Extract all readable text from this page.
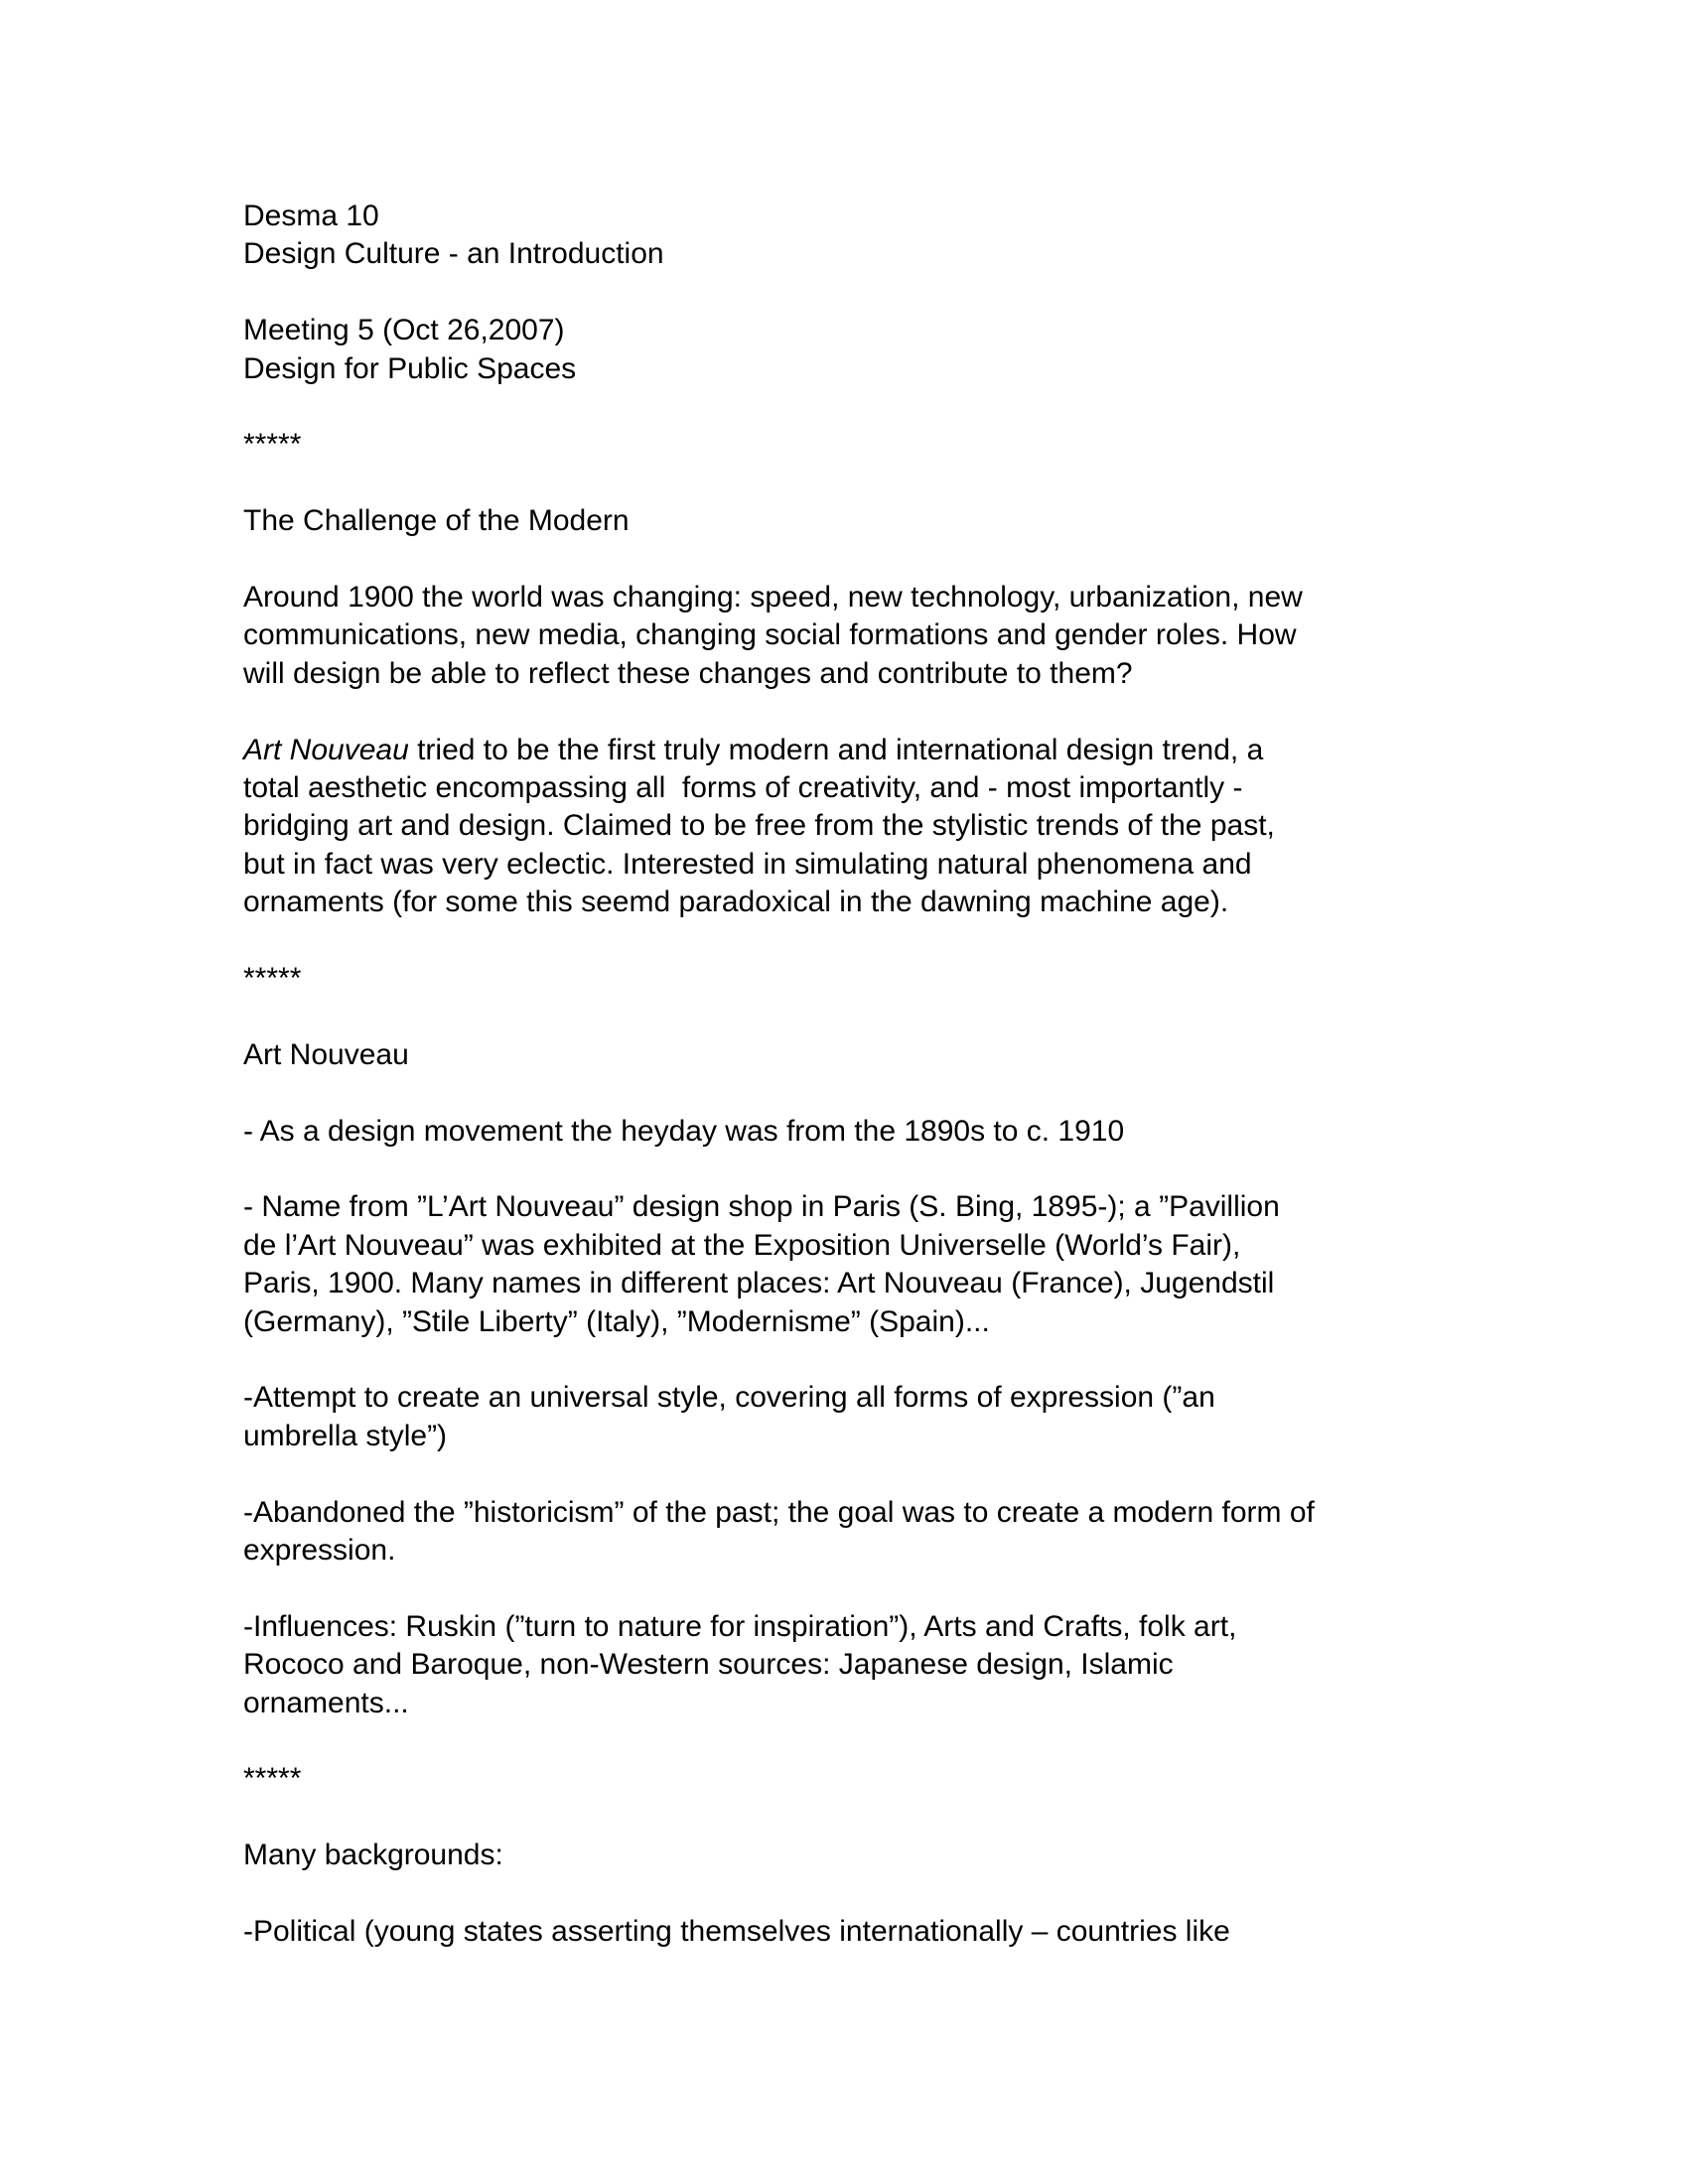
Desma 10
Design Culture - an Introduction

Meeting 5 (Oct 26,2007)
Design for Public Spaces

*****

The Challenge of the Modern

Around 1900 the world was changing: speed, new technology, urbanization, new
communications, new media, changing social formations and gender roles. How
will design be able to reflect these changes and contribute to them?

Art Nouveau tried to be the first truly modern and international design trend, a
total aesthetic encompassing all  forms of creativity, and - most importantly -
bridging art and design. Claimed to be free from the stylistic trends of the past,
but in fact was very eclectic. Interested in simulating natural phenomena and
ornaments (for some this seemd paradoxical in the dawning machine age).

*****

Art Nouveau

- As a design movement the heyday was from the 1890s to c. 1910

- Name from ”L’Art Nouveau” design shop in Paris (S. Bing, 1895-); a ”Pavillion
de l’Art Nouveau” was exhibited at the Exposition Universelle (World’s Fair),
Paris, 1900. Many names in different places: Art Nouveau (France), Jugendstil
(Germany), ”Stile Liberty” (Italy), ”Modernisme” (Spain)...

-Attempt to create an universal style, covering all forms of expression (”an
umbrella style”)

-Abandoned the ”historicism” of the past; the goal was to create a modern form of
expression.

-Influences: Ruskin (”turn to nature for inspiration”), Arts and Crafts, folk art,
Rococo and Baroque, non-Western sources: Japanese design, Islamic
ornaments...

*****

Many backgrounds:

-Political (young states asserting themselves internationally – countries like
